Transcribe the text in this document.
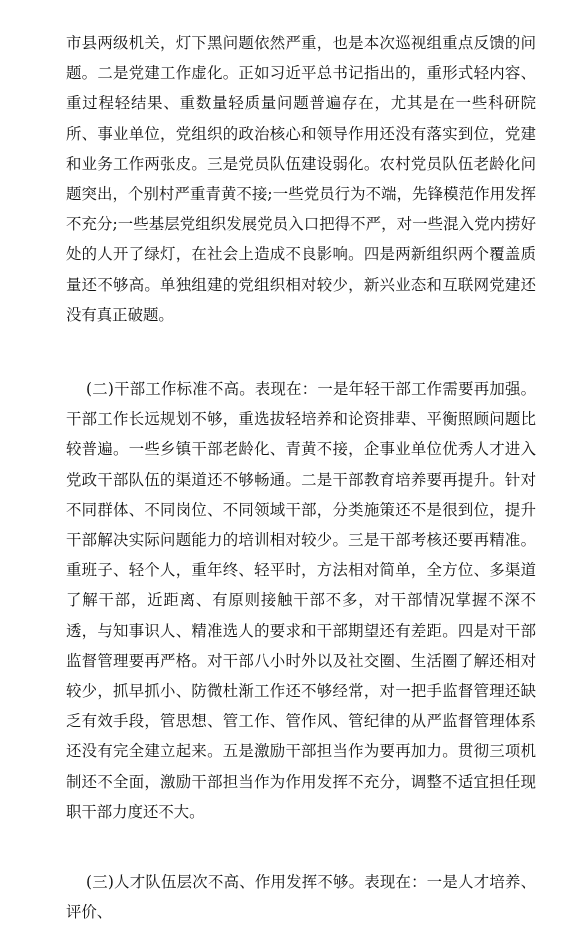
市县两级机关，灯下黑问题依然严重，也是本次巡视组重点反馈的问题。二是党建工作虚化。正如习近平总书记指出的，重形式轻内容、重过程轻结果、重数量轻质量问题普遍存在，尤其是在一些科研院所、事业单位，党组织的政治核心和领导作用还没有落实到位，党建和业务工作两张皮。三是党员队伍建设弱化。农村党员队伍老龄化问题突出，个别村严重青黄不接;一些党员行为不端，先锋模范作用发挥不充分;一些基层党组织发展党员入口把得不严，对一些混入党内捞好处的人开了绿灯，在社会上造成不良影响。四是两新组织两个覆盖质量还不够高。单独组建的党组织相对较少，新兴业态和互联网党建还没有真正破题。

(二)干部工作标准不高。表现在：一是年轻干部工作需要再加强。干部工作长远规划不够，重选拔轻培养和论资排辈、平衡照顾问题比较普遍。一些乡镇干部老龄化、青黄不接，企事业单位优秀人才进入党政干部队伍的渠道还不够畅通。二是干部教育培养要再提升。针对不同群体、不同岗位、不同领域干部，分类施策还不是很到位，提升干部解决实际问题能力的培训相对较少。三是干部考核还要再精准。重班子、轻个人，重年终、轻平时，方法相对简单，全方位、多渠道了解干部，近距离、有原则接触干部不多，对干部情况掌握不深不透，与知事识人、精准选人的要求和干部期望还有差距。四是对干部监督管理要再严格。对干部八小时外以及社交圈、生活圈了解还相对较少，抓早抓小、防微杜渐工作还不够经常，对一把手监督管理还缺乏有效手段，管思想、管工作、管作风、管纪律的从严监督管理体系还没有完全建立起来。五是激励干部担当作为要再加力。贯彻三项机制还不全面，激励干部担当作为作用发挥不充分，调整不适宜担任现职干部力度还不大。

(三)人才队伍层次不高、作用发挥不够。表现在：一是人才培养、评价、
